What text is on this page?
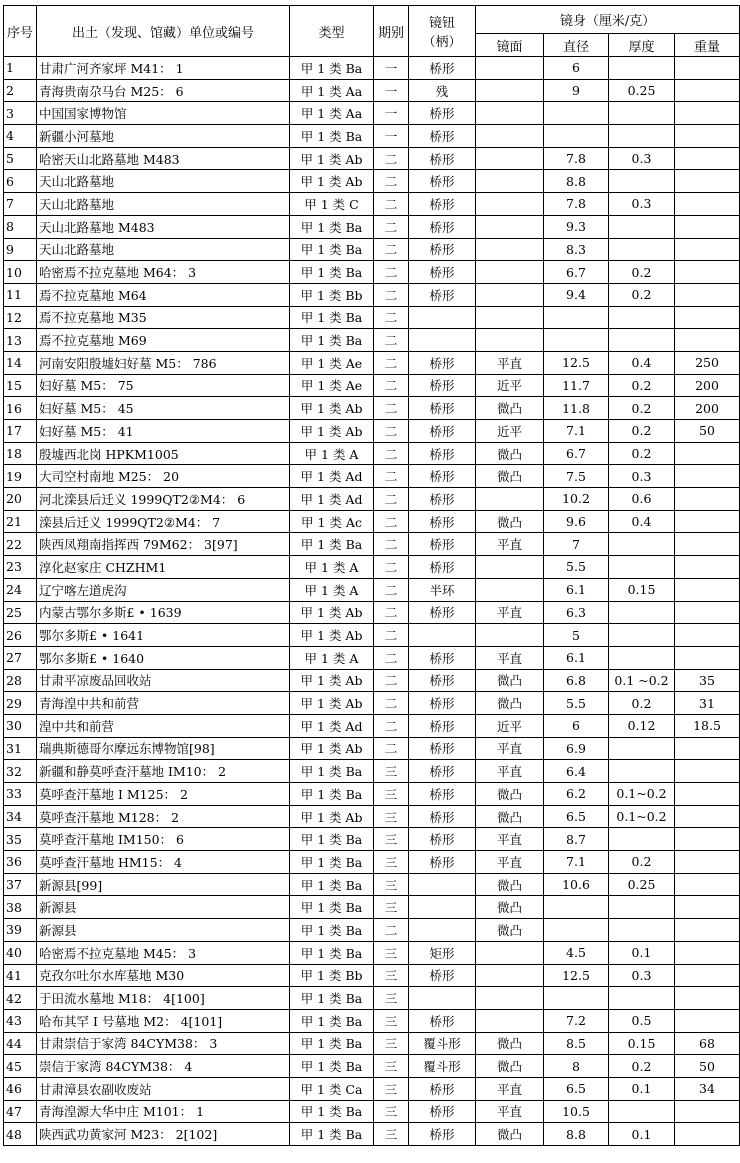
序号	出土（发现、馆藏）单位或编号	类型	期别	镜钮
（柄）	镜身（厘米/克）			
					镜面	直径	厚度	重量
1	甘肃广河齐家坪 M41： 1	甲 1 类 Ba	一	桥形		6		
2	青海贵南尕马台 M25： 6	甲 1 类 Aa	一	残		9	0.25	
3	中国国家博物馆	甲 1 类 Aa	一	桥形				
4	新疆小河墓地	甲 1 类 Ba	一	桥形				
5	哈密天山北路墓地 M483	甲 1 类 Ab	二	桥形		7.8	0.3	
6	天山北路墓地	甲 1 类 Ab	二	桥形		8.8		
7	天山北路墓地	甲 1 类 C	二	桥形		7.8	0.3	
8	天山北路墓地 M483	甲 1 类 Ba	二	桥形		9.3		
9	天山北路墓地	甲 1 类 Ba	二	桥形		8.3		
10	哈密焉不拉克墓地 M64： 3	甲 1 类 Ba	二	桥形		6.7	0.2	
11	焉不拉克墓地 M64	甲 1 类 Bb	二	桥形		9.4	0.2	
12	焉不拉克墓地 M35	甲 1 类 Ba	二					
13	焉不拉克墓地 M69	甲 1 类 Ba	二					
14	河南安阳殷墟妇好墓 M5： 786	甲 1 类 Ae	二	桥形	平直	12.5	0.4	250
15	妇好墓 M5： 75	甲 1 类 Ae	二	桥形	近平	11.7	0.2	200
16	妇好墓 M5： 45	甲 1 类 Ab	二	桥形	微凸	11.8	0.2	200
17	妇好墓 M5： 41	甲 1 类 Ab	二	桥形	近平	7.1	0.2	50
18	殷墟西北岗 HPKM1005	甲 1 类 A	二	桥形	微凸	6.7	0.2	
19	大司空村南地 M25： 20	甲 1 类 Ad	二	桥形	微凸	7.5	0.3	
20	河北滦县后迁义 1999QT2②M4： 6	甲 1 类 Ad	二	桥形		10.2	0.6	
21	滦县后迁义 1999QT2②M4： 7	甲 1 类 Ac	二	桥形	微凸	9.6	0.4	
22	陕西凤翔南指挥西 79M62： 3[97]	甲 1 类 Ba	二	桥形	平直	7		
23	淳化赵家庄 CHZHM1	甲 1 类 A	二	桥形		5.5		
24	辽宁喀左道虎沟	甲 1 类 A	二	半环		6.1	0.15	
25	内蒙古鄂尔多斯£ • 1639	甲 1 类 Ab	二	桥形	平直	6.3		
26	鄂尔多斯£ • 1641	甲 1 类 Ab	二			5		
27	鄂尔多斯£ • 1640	甲 1 类 A	二	桥形	平直	6.1		
28	甘肃平凉废品回收站	甲 1 类 Ab	二	桥形	微凸	6.8	0.1 ~0.2	35
29	青海湟中共和前营	甲 1 类 Ab	二	桥形	微凸	5.5	0.2	31
30	湟中共和前营	甲 1 类 Ad	二	桥形	近平	6	0.12	18.5
31	瑞典斯德哥尔摩远东博物馆[98]	甲 1 类 Ab	二	桥形	平直	6.9		
32	新疆和静莫呼查汗墓地 IM10： 2	甲 1 类 Ba	三	桥形	平直	6.4		
33	莫呼查汗墓地 I M125： 2	甲 1 类 Ba	三	桥形	微凸	6.2	0.1~0.2	
34	莫呼查汗墓地 M128： 2	甲 1 类 Ab	三	桥形	微凸	6.5	0.1~0.2	
35	莫呼查汗墓地 IM150： 6	甲 1 类 Ba	三	桥形	平直	8.7		
36	莫呼查汗墓地 HM15： 4	甲 1 类 Ba	三	桥形	平直	7.1	0.2	
37	新源县[99]	甲 1 类 Ba	三		微凸	10.6	0.25	
38	新源县	甲 1 类 Ba	三		微凸			
39	新源县	甲 1 类 Ba	二		微凸			
40	哈密焉不拉克墓地 M45： 3	甲 1 类 Ba	三	矩形		4.5	0.1	
41	克孜尔吐尔水库墓地 M30	甲 1 类 Bb	三	桥形		12.5	0.3	
42	于田流水墓地 M18： 4[100]	甲 1 类 Ba	三					
43	哈布其罕 I 号墓地 M2： 4[101]	甲 1 类 Ba	三	桥形		7.2	0.5	
44	甘肃崇信于家湾 84CYM38： 3	甲 1 类 Ba	三	覆斗形	微凸	8.5	0.15	68
45	崇信于家湾 84CYM38： 4	甲 1 类 Ba	三	覆斗形	微凸	8	0.2	50
46	甘肃漳县农副收废站	甲 1 类 Ca	三	桥形	平直	6.5	0.1	34
47	青海湟源大华中庄 M101： 1	甲 1 类 Ba	三	桥形	平直	10.5		
48	陕西武功黄家河 M23： 2[102]	甲 1 类 Ba	三	桥形	微凸	8.8	0.1	
